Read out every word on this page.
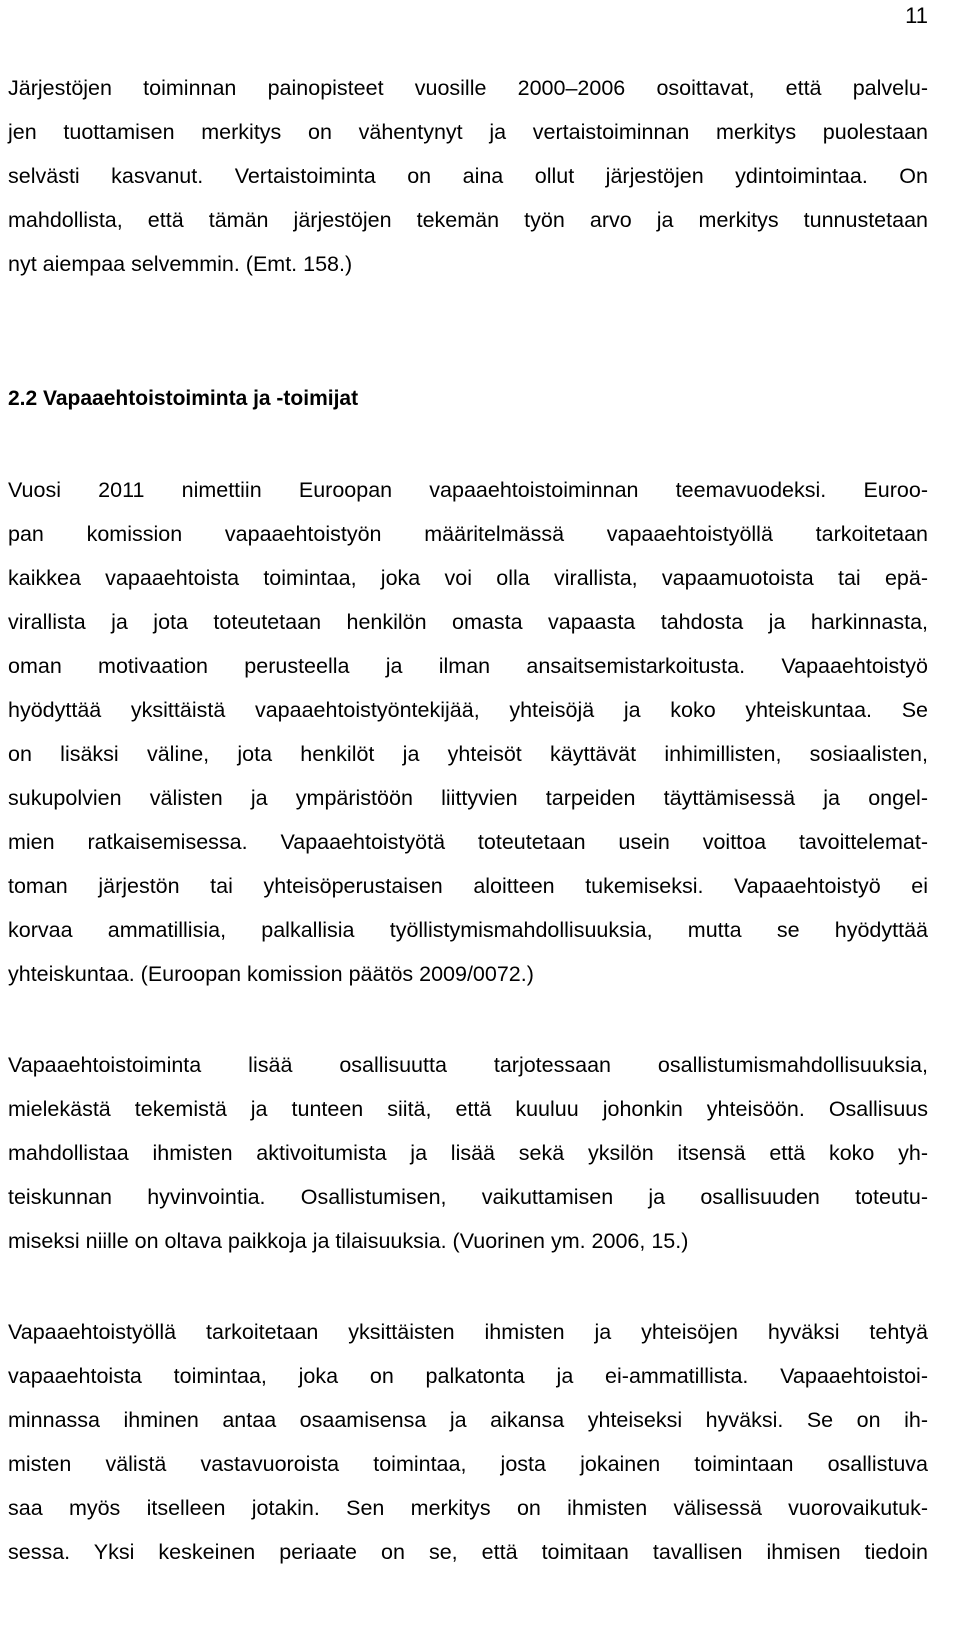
11
Järjestöjen toiminnan painopisteet vuosille 2000–2006 osoittavat, että palvelu-
jen tuottamisen merkitys on vähentynyt ja vertaistoiminnan merkitys puolestaan
selvästi kasvanut. Vertaistoiminta on aina ollut järjestöjen ydintoimintaa. On
mahdollista, että tämän järjestöjen tekemän työn arvo ja merkitys tunnustetaan
nyt aiempaa selvemmin. (Emt. 158.)
2.2 Vapaaehtoistoiminta ja -toimijat
Vuosi 2011 nimettiin Euroopan vapaaehtoistoiminnan teemavuodeksi. Euroo-
pan komission vapaaehtoistyön määritelmässä vapaaehtoistyöllä tarkoitetaan
kaikkea vapaaehtoista toimintaa, joka voi olla virallista, vapaamuotoista tai epä-
virallista ja jota toteutetaan henkilön omasta vapaasta tahdosta ja harkinnasta,
oman motivaation perusteella ja ilman ansaitsemistarkoitusta. Vapaaehtoistyö
hyödyttää yksittäistä vapaaehtoistyöntekijää, yhteisöjä ja koko yhteiskuntaa. Se
on lisäksi väline, jota henkilöt ja yhteisöt käyttävät inhimillisten, sosiaalisten,
sukupolvien välisten ja ympäristöön liittyvien tarpeiden täyttämisessä ja ongel-
mien ratkaisemisessa. Vapaaehtoistyötä toteutetaan usein voittoa tavoittelemat-
toman järjestön tai yhteisöperustaisen aloitteen tukemiseksi. Vapaaehtoistyö ei
korvaa ammatillisia, palkallisia työllistymismahdollisuuksia, mutta se hyödyttää
yhteiskuntaa. (Euroopan komission päätös 2009/0072.)
Vapaaehtoistoiminta lisää osallisuutta tarjotessaan osallistumismahdollisuuksia,
mielekästä tekemistä ja tunteen siitä, että kuuluu johonkin yhteisöön. Osallisuus
mahdollistaa ihmisten aktivoitumista ja lisää sekä yksilön itsensä että koko yh-
teiskunnan hyvinvointia. Osallistumisen, vaikuttamisen ja osallisuuden toteutu-
miseksi niille on oltava paikkoja ja tilaisuuksia. (Vuorinen ym. 2006, 15.)
Vapaaehtoistyöllä tarkoitetaan yksittäisten ihmisten ja yhteisöjen hyväksi tehtyä
vapaaehtoista toimintaa, joka on palkatonta ja ei-ammatillista. Vapaaehtoistoi-
minnassa ihminen antaa osaamisensa ja aikansa yhteiseksi hyväksi. Se on ih-
misten välistä vastavuoroista toimintaa, josta jokainen toimintaan osallistuva
saa myös itselleen jotakin. Sen merkitys on ihmisten välisessä vuorovaikutuk-
sessa. Yksi keskeinen periaate on se, että toimitaan tavallisen ihmisen tiedoin
